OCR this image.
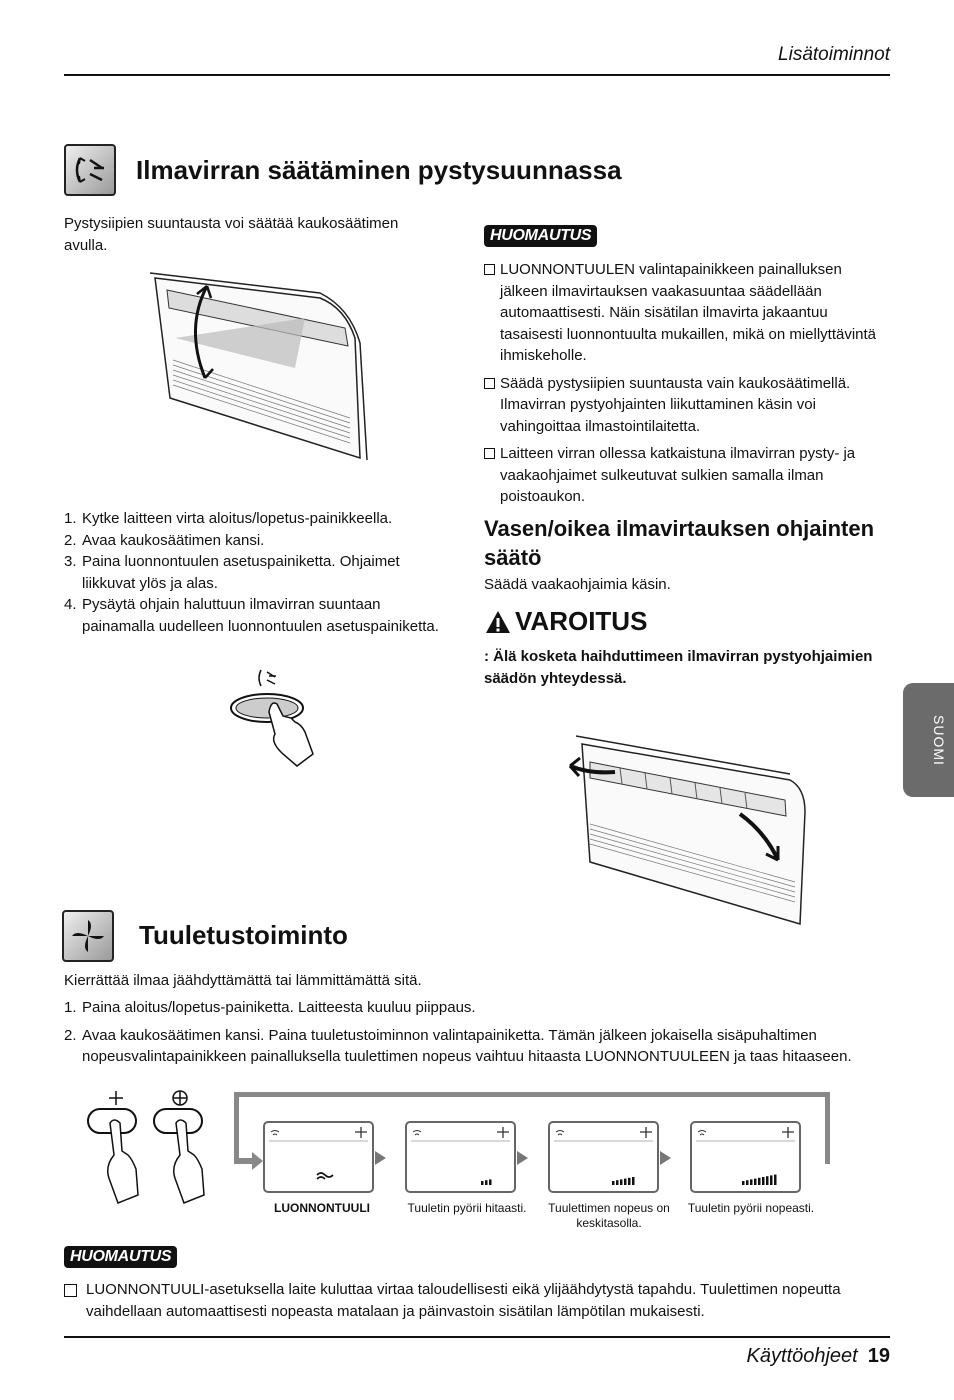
Lisätoiminnot
SUOMI
Ilmavirran säätäminen pystysuunnassa
Pystysiipien suuntausta voi säätää kaukosäätimen avulla.
1. Kytke laitteen virta aloitus/lopetus-painikkeella.
2. Avaa kaukosäätimen kansi.
3. Paina luonnontuulen asetuspainiketta. Ohjaimet liikkuvat ylös ja alas.
4. Pysäytä ohjain haluttuun ilmavirran suuntaan painamalla uudelleen luonnontuulen asetuspainiketta.
HUOMAUTUS
LUONNONTUULEN valintapainikkeen painalluksen jälkeen ilmavirtauksen vaakasuuntaa säädellään automaattisesti. Näin sisätilan ilmavirta jakaantuu tasaisesti luonnontuulta mukaillen, mikä on miellyttävintä ihmiskeholle.
Säädä pystysiipien suuntausta vain kaukosäätimellä. Ilmavirran pystyohjainten liikuttaminen käsin voi vahingoittaa ilmastointilaitetta.
Laitteen virran ollessa katkaistuna ilmavirran pysty- ja vaakaohjaimet sulkeutuvat sulkien samalla ilman poistoaukon.
Vasen/oikea ilmavirtauksen ohjainten säätö
Säädä vaakaohjaimia käsin.
VAROITUS
: Älä kosketa haihduttimeen ilmavirran pystyohjaimien säädön yhteydessä.
Tuuletustoiminto
Kierrättää ilmaa jäähdyttämättä tai lämmittämättä sitä.
1. Paina aloitus/lopetus-painiketta. Laitteesta kuuluu piippaus.
2. Avaa kaukosäätimen kansi. Paina tuuletustoiminnon valintapainiketta. Tämän jälkeen jokaisella sisäpuhaltimen nopeusvalintapainikkeen painalluksella tuulettimen nopeus vaihtuu hitaasta LUONNONTUULEEN ja taas hitaaseen.
LUONNONTUULI	Tuuletin pyörii hitaasti.	Tuulettimen nopeus on keskitasolla.
Tuuletin pyörii nopeasti.
HUOMAUTUS
LUONNONTUULI-asetuksella laite kuluttaa virtaa taloudellisesti eikä ylijäähdytystä tapahdu. Tuulettimen nopeutta vaihdellaan automaattisesti nopeasta matalaan ja päinvastoin sisätilan lämpötilan mukaisesti.
Käyttöohjeet 19
